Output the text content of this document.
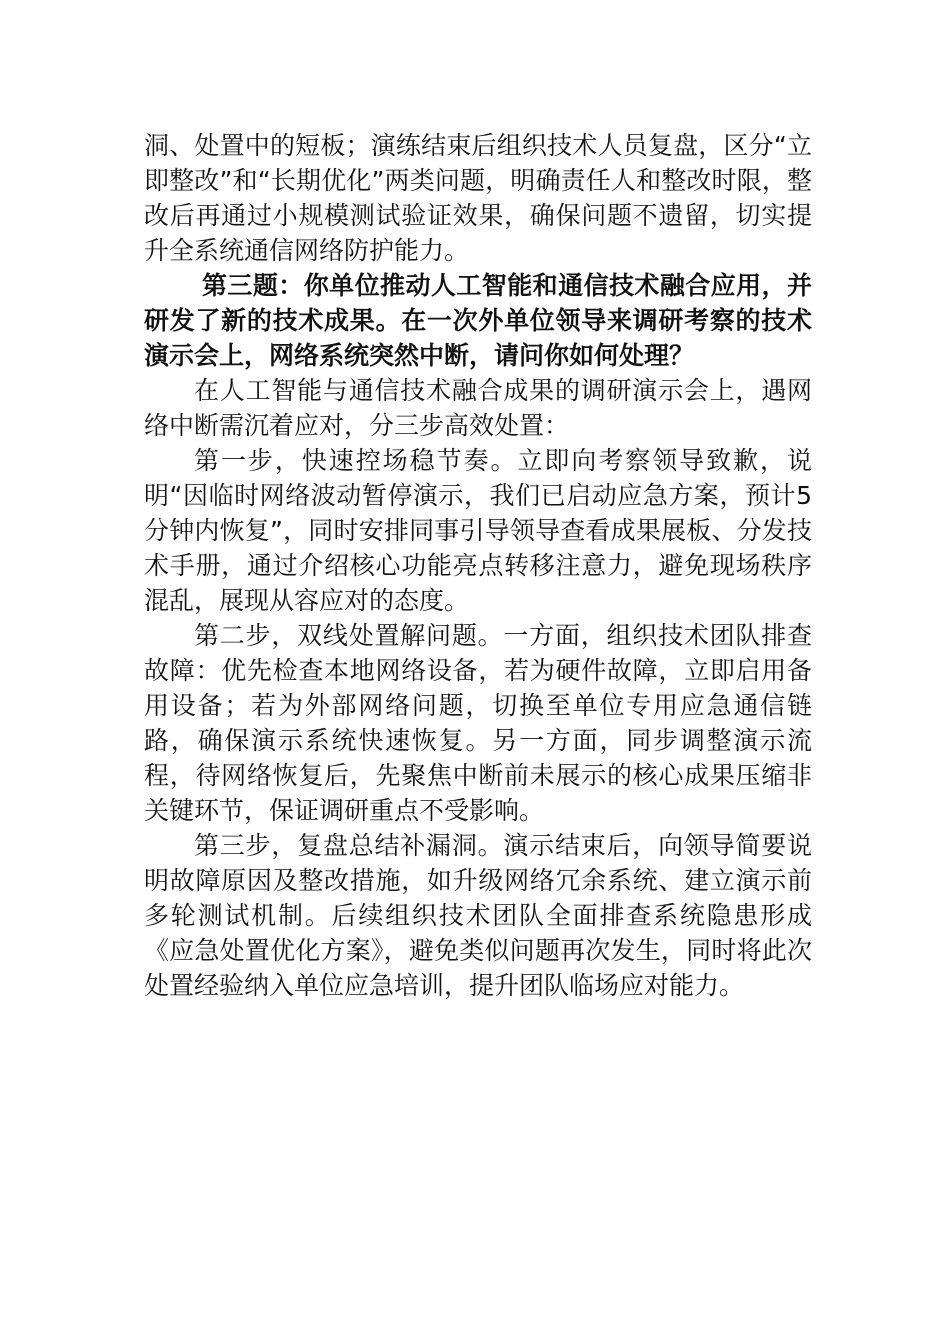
洞、处置中的短板；演练结束后组织技术人员复盘，区分“立即整改”和“长期优化”两类问题，明确责任人和整改时限，整改后再通过小规模测试验证效果，确保问题不遗留，切实提升全系统通信网络防护能力。

第三题：你单位推动人工智能和通信技术融合应用，并研发了新的技术成果。在一次外单位领导来调研考察的技术演示会上，网络系统突然中断，请问你如何处理？

在人工智能与通信技术融合成果的调研演示会上，遇网络中断需沉着应对，分三步高效处置：

第一步，快速控场稳节奏。立即向考察领导致歉，说明“因临时网络波动暂停演示，我们已启动应急方案，预计5分钟内恢复”，同时安排同事引导领导查看成果展板、分发技术手册，通过介绍核心功能亮点转移注意力，避免现场秩序混乱，展现从容应对的态度。

第二步，双线处置解问题。一方面，组织技术团队排查故障：优先检查本地网络设备，若为硬件故障，立即启用备用设备；若为外部网络问题，切换至单位专用应急通信链路，确保演示系统快速恢复。另一方面，同步调整演示流程，待网络恢复后，先聚焦中断前未展示的核心成果压缩非关键环节，保证调研重点不受影响。

第三步，复盘总结补漏洞。演示结束后，向领导简要说明故障原因及整改措施，如升级网络冗余系统、建立演示前多轮测试机制。后续组织技术团队全面排查系统隐患形成《应急处置优化方案》，避免类似问题再次发生，同时将此次处置经验纳入单位应急培训，提升团队临场应对能力。
